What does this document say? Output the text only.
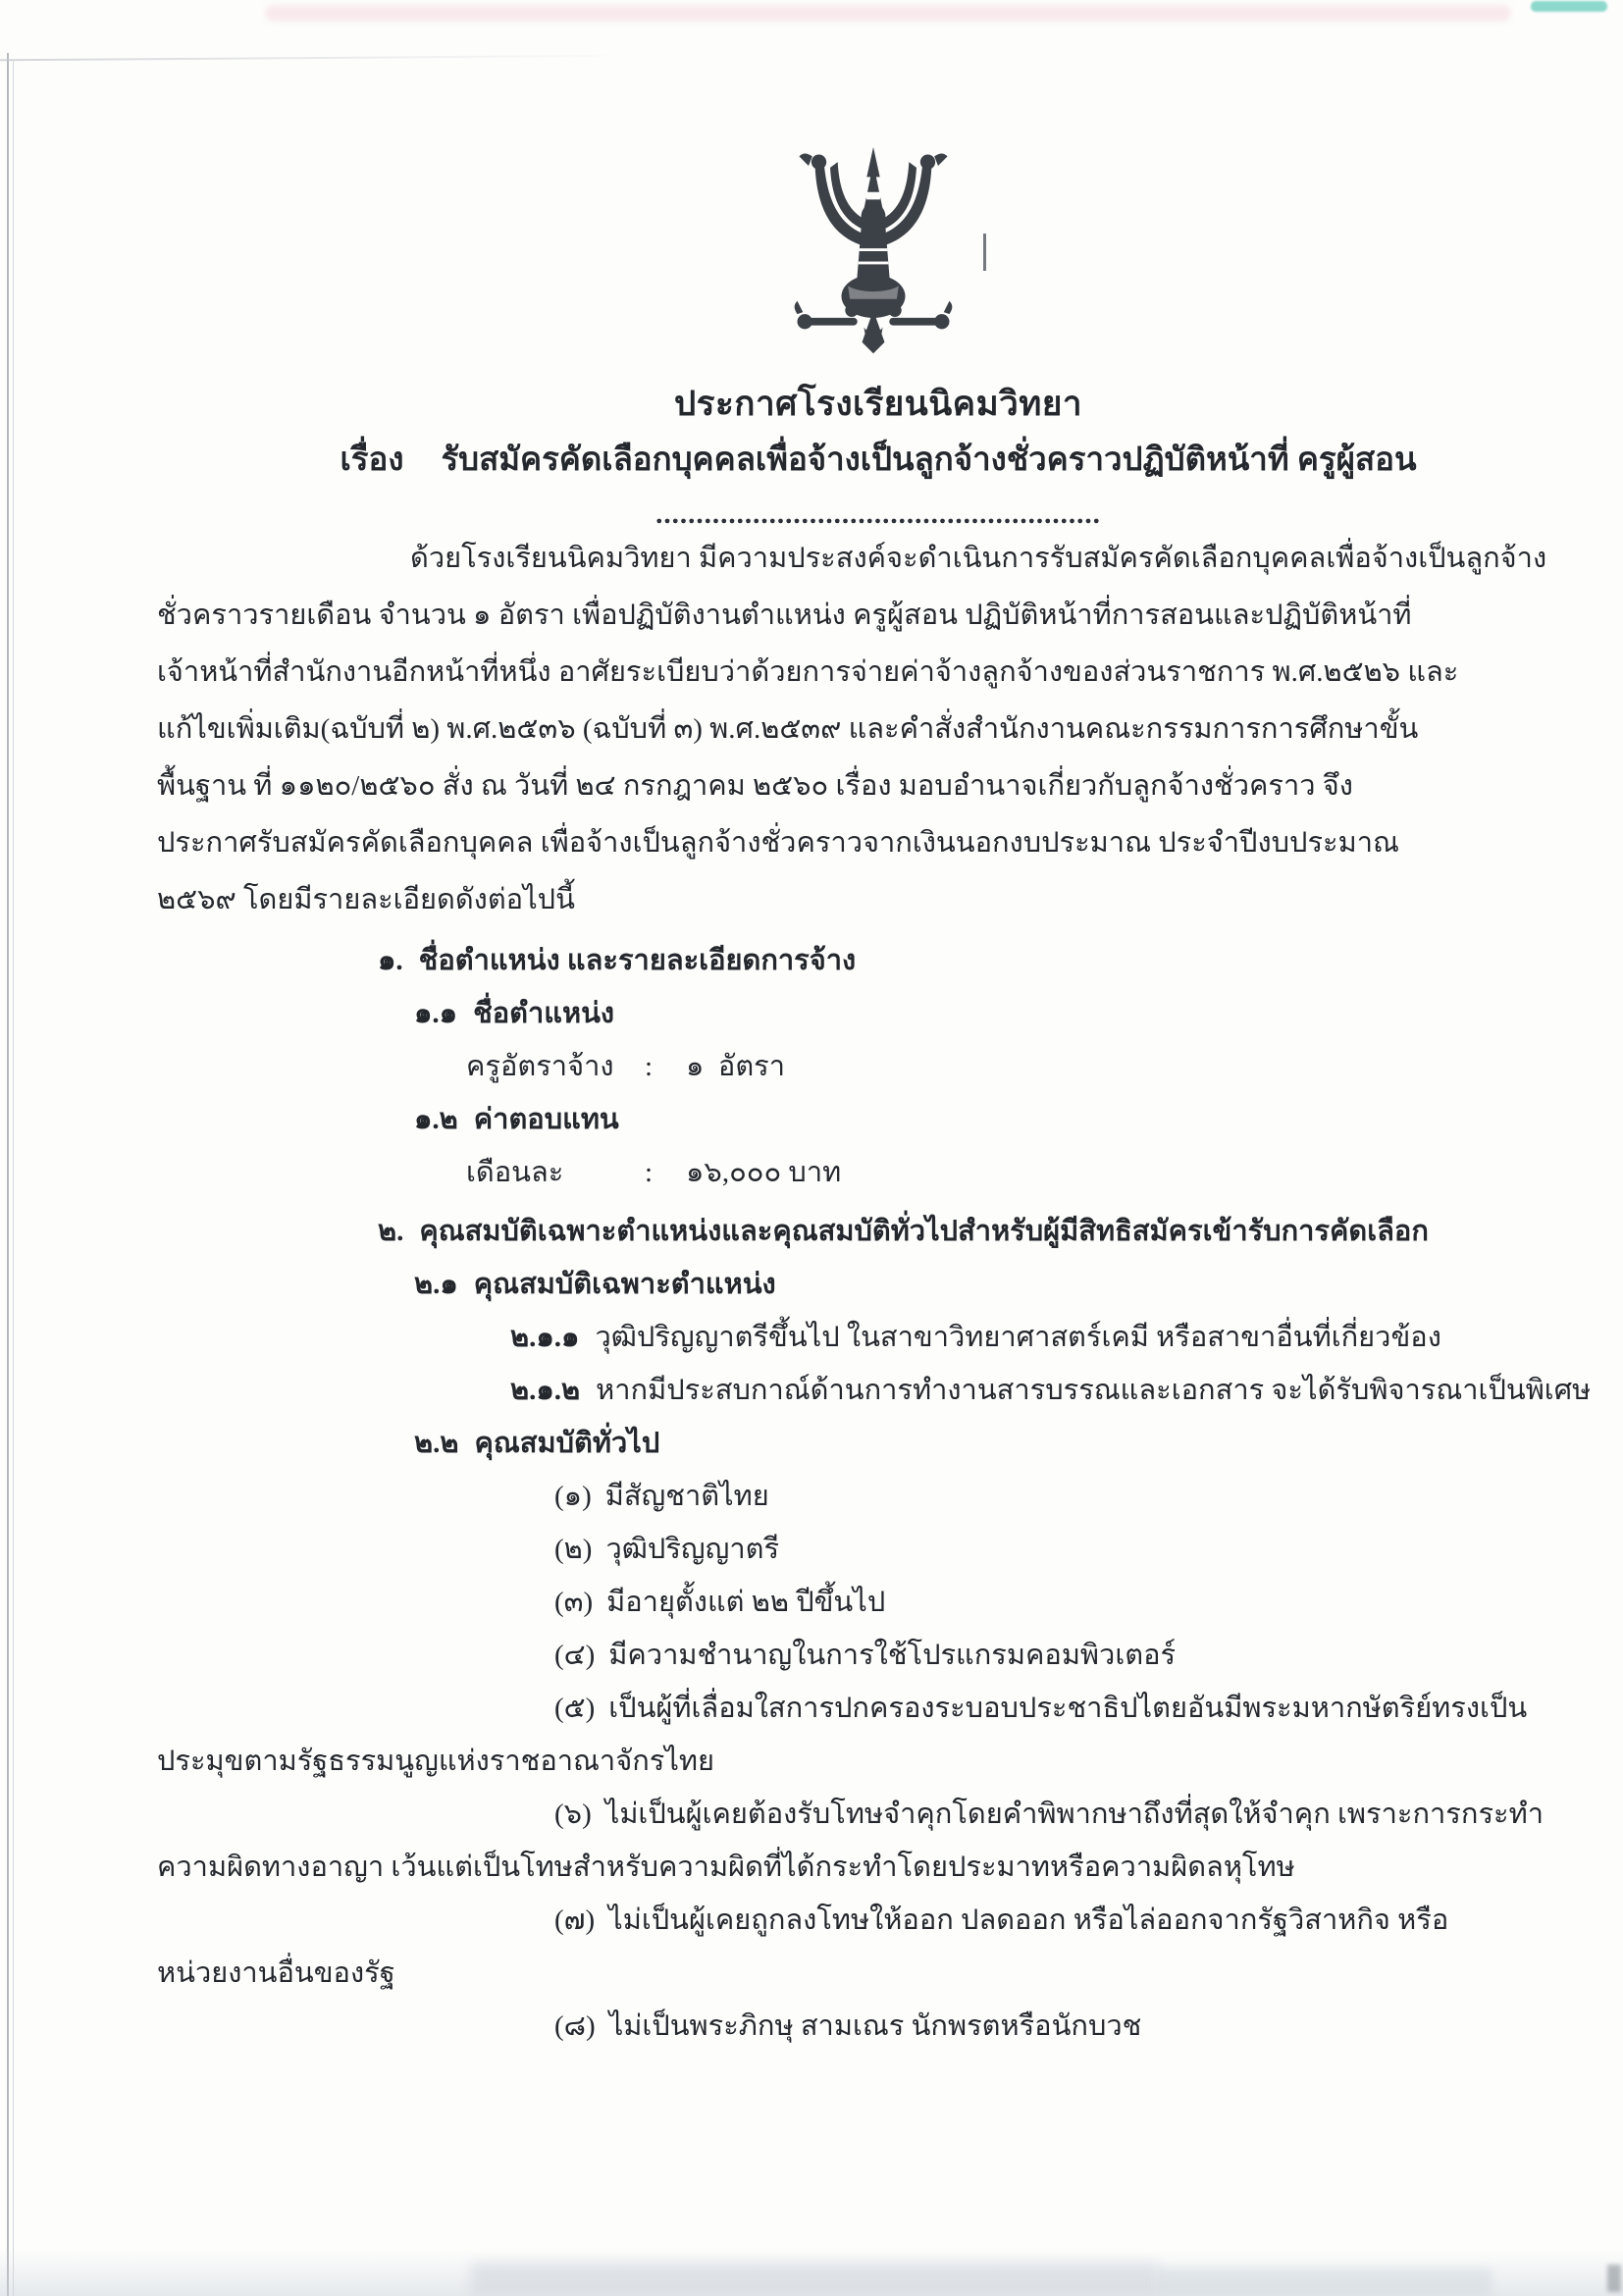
ประกาศโรงเรียนนิคมวิทยา
เรื่อง รับสมัครคัดเลือกบุคคลเพื่อจ้างเป็นลูกจ้างชั่วคราวปฏิบัติหน้าที่ ครูผู้สอน
.......................................................
ด้วยโรงเรียนนิคมวิทยา มีความประสงค์จะดำเนินการรับสมัครคัดเลือกบุคคลเพื่อจ้างเป็นลูกจ้าง
ชั่วคราวรายเดือน จำนวน ๑ อัตรา เพื่อปฏิบัติงานตำแหน่ง ครูผู้สอน ปฏิบัติหน้าที่การสอนและปฏิบัติหน้าที่
เจ้าหน้าที่สำนักงานอีกหน้าที่หนึ่ง อาศัยระเบียบว่าด้วยการจ่ายค่าจ้างลูกจ้างของส่วนราชการ พ.ศ.๒๕๒๖ และ
แก้ไขเพิ่มเติม(ฉบับที่ ๒) พ.ศ.๒๕๓๖ (ฉบับที่ ๓) พ.ศ.๒๕๓๙ และคำสั่งสำนักงานคณะกรรมการการศึกษาขั้น
พื้นฐาน ที่ ๑๑๒๐/๒๕๖๐ สั่ง ณ วันที่ ๒๔ กรกฎาคม ๒๕๖๐ เรื่อง มอบอำนาจเกี่ยวกับลูกจ้างชั่วคราว จึง
ประกาศรับสมัครคัดเลือกบุคคล เพื่อจ้างเป็นลูกจ้างชั่วคราวจากเงินนอกงบประมาณ ประจำปีงบประมาณ
๒๕๖๙ โดยมีรายละเอียดดังต่อไปนี้
๑. ชื่อตำแหน่ง และรายละเอียดการจ้าง
๑.๑ ชื่อตำแหน่ง
ครูอัตราจ้าง : ๑  อัตรา
๑.๒ ค่าตอบแทน
เดือนละ	: ๑๖,๐๐๐ บาท
๒. คุณสมบัติเฉพาะตำแหน่งและคุณสมบัติทั่วไปสำหรับผู้มีสิทธิสมัครเข้ารับการคัดเลือก
๒.๑ คุณสมบัติเฉพาะตำแหน่ง
๒.๑.๑ วุฒิปริญญาตรีขึ้นไป ในสาขาวิทยาศาสตร์เคมี หรือสาขาอื่นที่เกี่ยวข้อง
๒.๑.๒ หากมีประสบกาณ์ด้านการทำงานสารบรรณและเอกสาร จะได้รับพิจารณาเป็นพิเศษ
๒.๒ คุณสมบัติทั่วไป
(๑) มีสัญชาติไทย
(๒) วุฒิปริญญาตรี
(๓) มีอายุตั้งแต่ ๒๒ ปีขึ้นไป
(๔) มีความชำนาญในการใช้โปรแกรมคอมพิวเตอร์
(๕) เป็นผู้ที่เลื่อมใสการปกครองระบอบประชาธิปไตยอันมีพระมหากษัตริย์ทรงเป็น
ประมุขตามรัฐธรรมนูญแห่งราชอาณาจักรไทย
(๖) ไม่เป็นผู้เคยต้องรับโทษจำคุกโดยคำพิพากษาถึงที่สุดให้จำคุก เพราะการกระทำ
ความผิดทางอาญา เว้นแต่เป็นโทษสำหรับความผิดที่ได้กระทำโดยประมาทหรือความผิดลหุโทษ
(๗) ไม่เป็นผู้เคยถูกลงโทษให้ออก ปลดออก หรือไล่ออกจากรัฐวิสาหกิจ หรือ
หน่วยงานอื่นของรัฐ
(๘) ไม่เป็นพระภิกษุ สามเณร นักพรตหรือนักบวช
